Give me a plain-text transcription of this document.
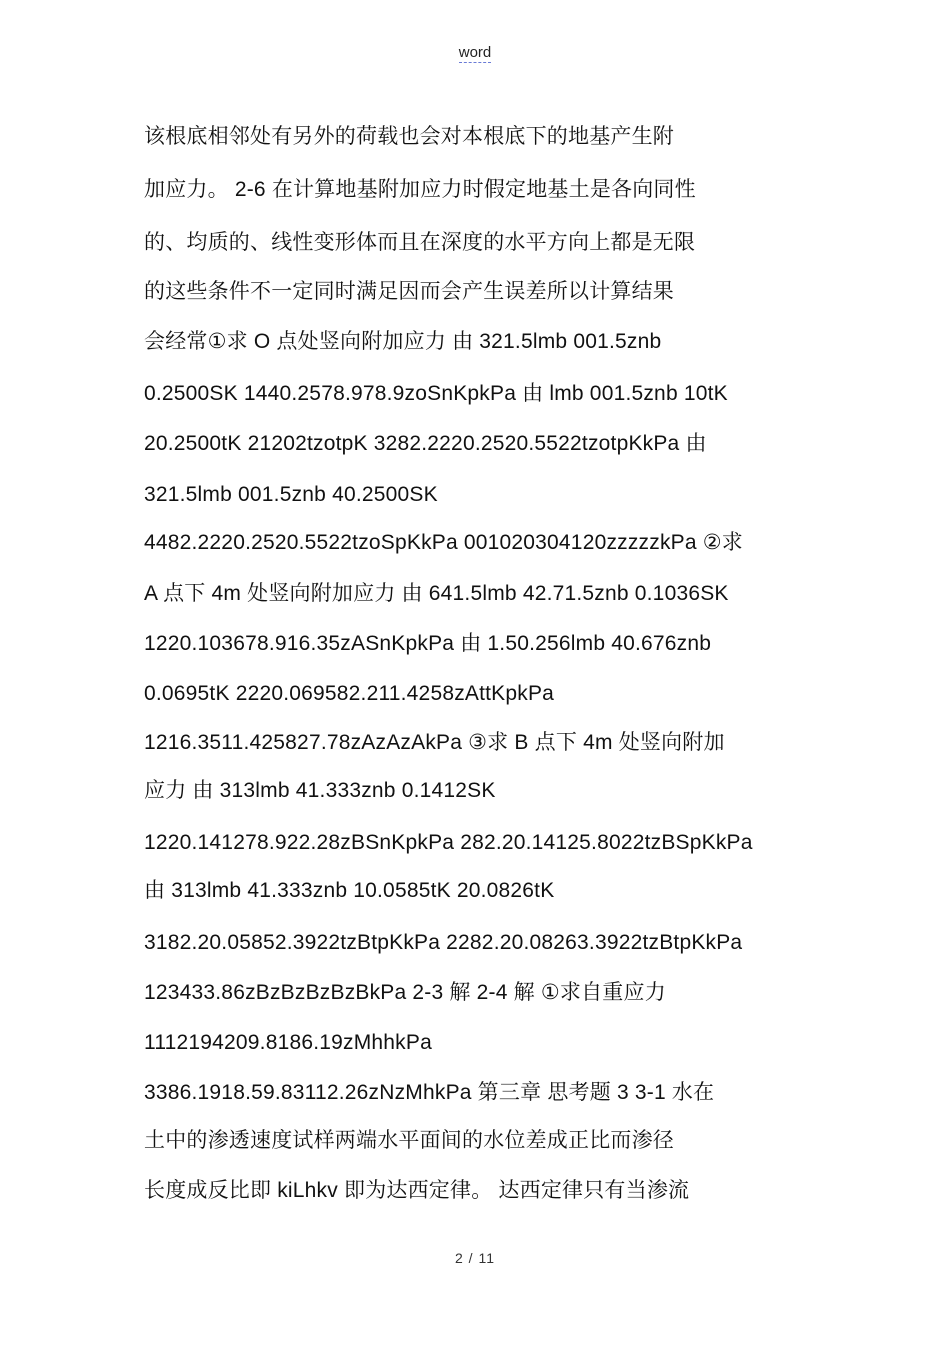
word
该根底相邻处有另外的荷载也会对本根底下的地基产生附
加应力。 2-6 在计算地基附加应力时假定地基土是各向同性
的、均质的、线性变形体而且在深度的水平方向上都是无限
的这些条件不一定同时满足因而会产生误差所以计算结果
会经常①求 O 点处竖向附加应力 由 321.5lmb 001.5znb
0.2500SK 1440.2578.978.9zoSnKpkPa 由 lmb 001.5znb 10tK
20.2500tK 21202tzotpK 3282.2220.2520.5522tzotpKkPa 由
321.5lmb 001.5znb 40.2500SK
4482.2220.2520.5522tzoSpKkPa 001020304120zzzzzkPa ②求
A 点下 4m 处竖向附加应力 由 641.5lmb 42.71.5znb 0.1036SK
1220.103678.916.35zASnKpkPa 由 1.50.256lmb 40.676znb
0.0695tK 2220.069582.211.4258zAttKpkPa
1216.3511.425827.78zAzAzAkPa ③求 B 点下 4m 处竖向附加
应力 由 313lmb 41.333znb 0.1412SK
1220.141278.922.28zBSnKpkPa 282.20.14125.8022tzBSpKkPa
由 313lmb 41.333znb 10.0585tK 20.0826tK
3182.20.05852.3922tzBtpKkPa 2282.20.08263.3922tzBtpKkPa
123433.86zBzBzBzBzBkPa 2-3 解 2-4 解 ①求自重应力
1112194209.8186.19zMhhkPa
3386.1918.59.83112.26zNzMhkPa 第三章 思考题 3 3-1 水在
土中的渗透速度试样两端水平面间的水位差成正比而渗径
长度成反比即 kiLhkv 即为达西定律。 达西定律只有当渗流
2 / 11
